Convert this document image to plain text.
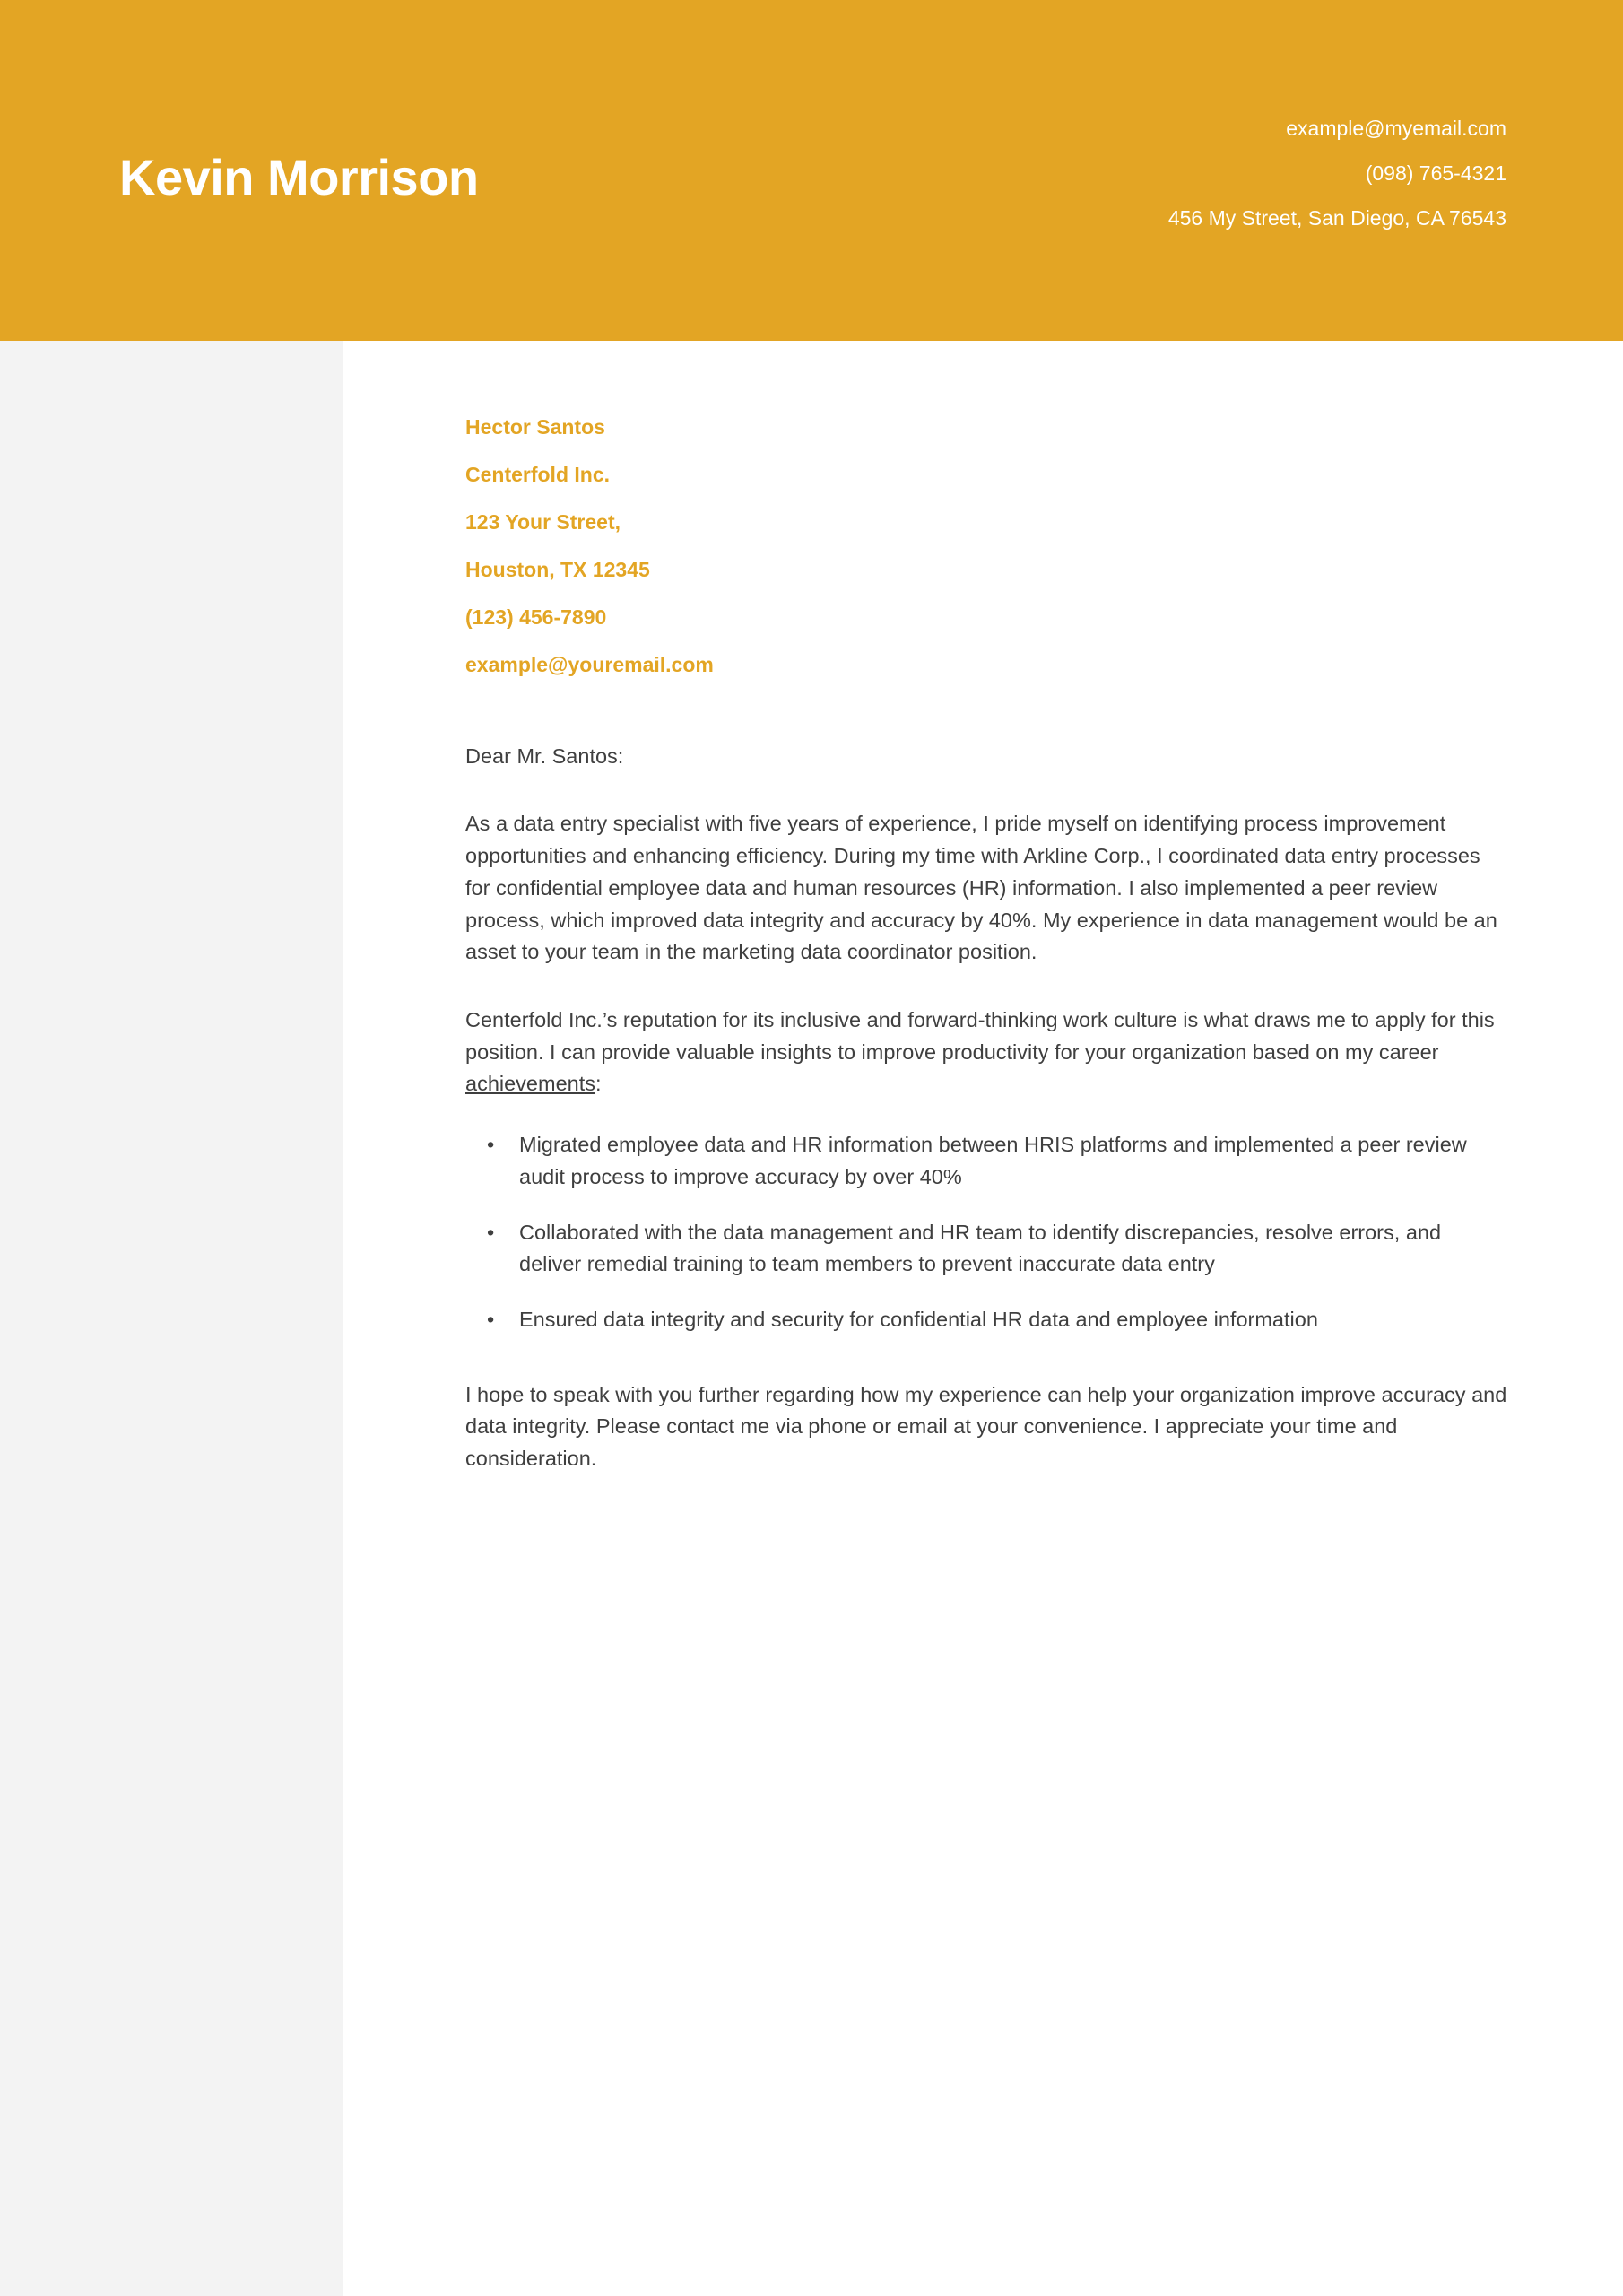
Kevin Morrison
example@myemail.com
(098) 765-4321
456 My Street, San Diego, CA 76543
Hector Santos
Centerfold Inc.
123 Your Street,
Houston, TX 12345
(123) 456-7890
example@youremail.com

Dear Mr. Santos:

As a data entry specialist with five years of experience, I pride myself on identifying process improvement opportunities and enhancing efficiency. During my time with Arkline Corp., I coordinated data entry processes for confidential employee data and human resources (HR) information. I also implemented a peer review process, which improved data integrity and accuracy by 40%. My experience in data management would be an asset to your team in the marketing data coordinator position.

Centerfold Inc.’s reputation for its inclusive and forward-thinking work culture is what draws me to apply for this position. I can provide valuable insights to improve productivity for your organization based on my career achievements:

• Migrated employee data and HR information between HRIS platforms and implemented a peer review audit process to improve accuracy by over 40%
• Collaborated with the data management and HR team to identify discrepancies, resolve errors, and deliver remedial training to team members to prevent inaccurate data entry
• Ensured data integrity and security for confidential HR data and employee information

I hope to speak with you further regarding how my experience can help your organization improve accuracy and data integrity. Please contact me via phone or email at your convenience. I appreciate your time and consideration.
